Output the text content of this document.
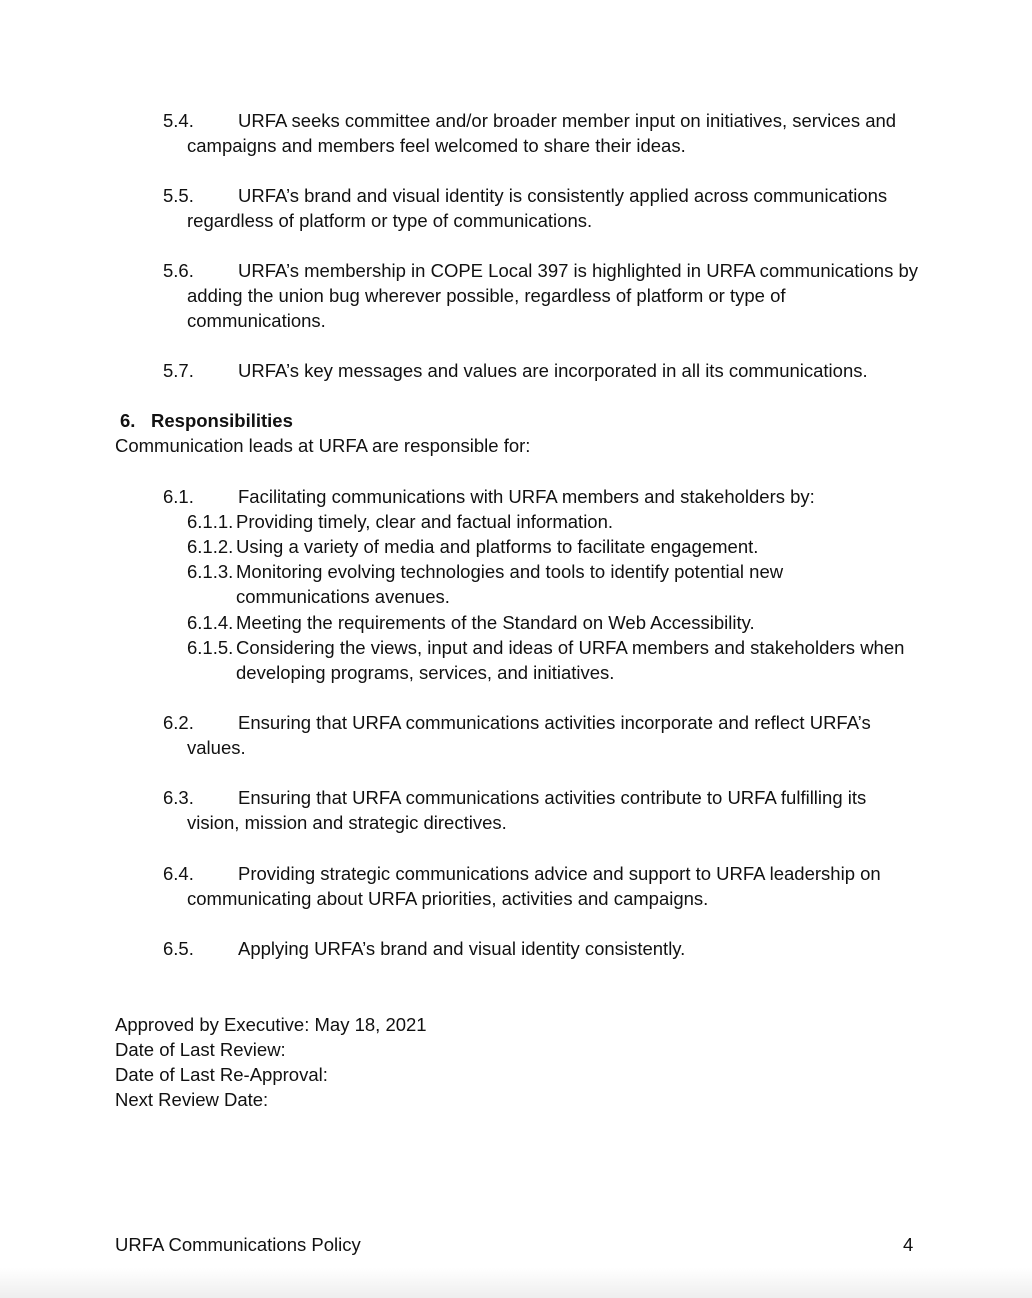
5.4. URFA seeks committee and/or broader member input on initiatives, services and
campaigns and members feel welcomed to share their ideas.
5.5. URFA’s brand and visual identity is consistently applied across communications
regardless of platform or type of communications.
5.6. URFA’s membership in COPE Local 397 is highlighted in URFA communications by
adding the union bug wherever possible, regardless of platform or type of
communications.
5.7. URFA’s key messages and values are incorporated in all its communications.
6. Responsibilities
Communication leads at URFA are responsible for:
6.1. Facilitating communications with URFA members and stakeholders by:
6.1.1. Providing timely, clear and factual information.
6.1.2. Using a variety of media and platforms to facilitate engagement.
6.1.3. Monitoring evolving technologies and tools to identify potential new
communications avenues.
6.1.4. Meeting the requirements of the Standard on Web Accessibility.
6.1.5. Considering the views, input and ideas of URFA members and stakeholders when
developing programs, services, and initiatives.
6.2. Ensuring that URFA communications activities incorporate and reflect URFA’s
values.
6.3. Ensuring that URFA communications activities contribute to URFA fulfilling its
vision, mission and strategic directives.
6.4. Providing strategic communications advice and support to URFA leadership on
communicating about URFA priorities, activities and campaigns.
6.5. Applying URFA’s brand and visual identity consistently.
Approved by Executive: May 18, 2021
Date of Last Review:
Date of Last Re-Approval:
Next Review Date:
URFA Communications Policy	4
